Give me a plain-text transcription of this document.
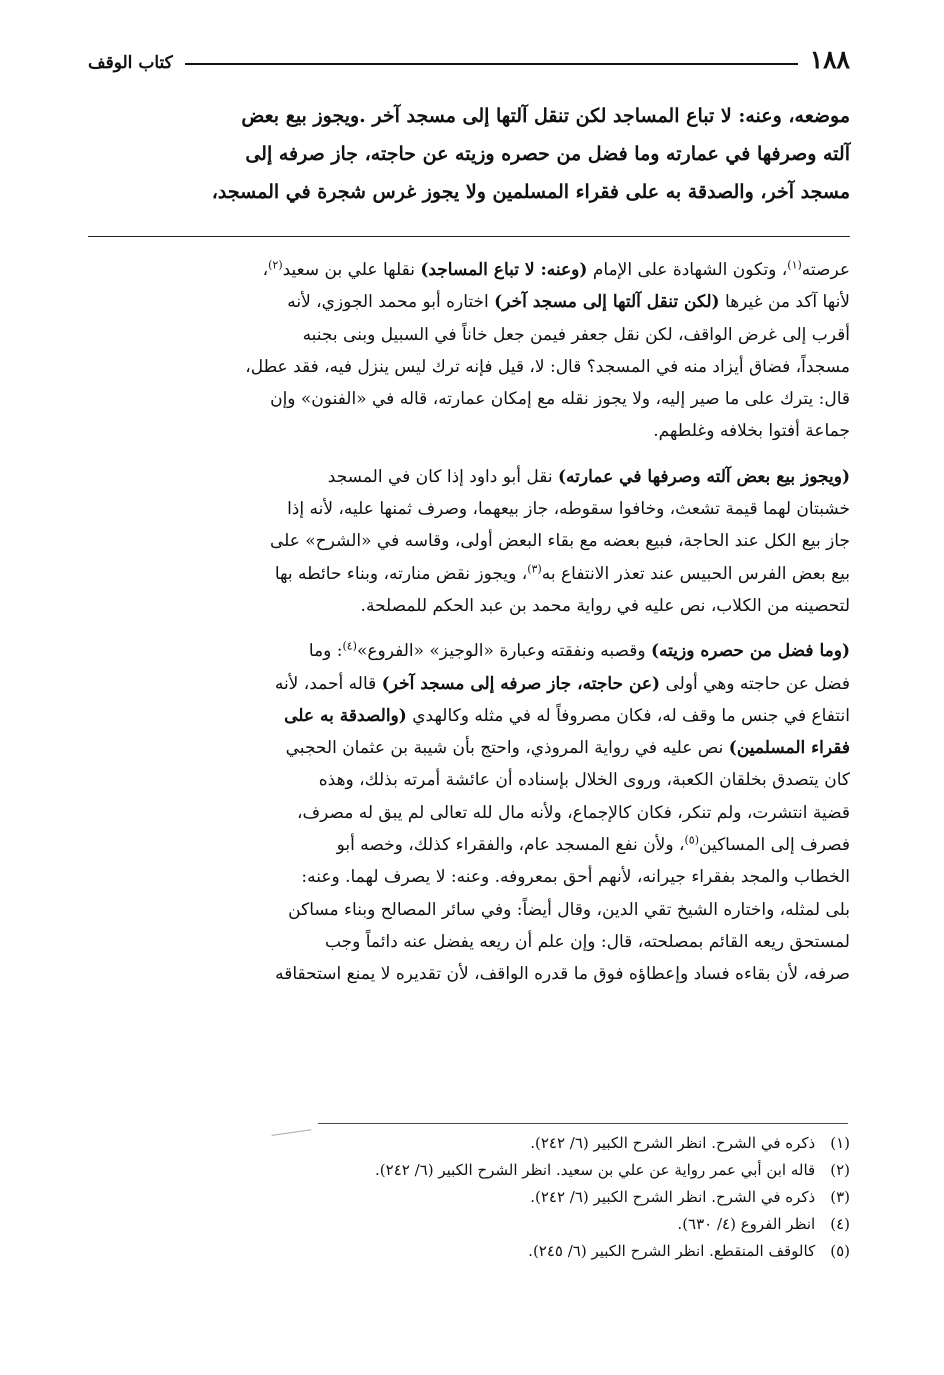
١٨٨
كتاب الوقف

موضعه، وعنه: لا تباع المساجد لكن تنقل آلتها إلى مسجد آخر .ويجوز بيع بعض

آلته وصرفها في عمارته وما فضل من حصره وزيته عن حاجته، جاز صرفه إلى

مسجد آخر، والصدقة به على فقراء المسلمين ولا يجوز غرس شجرة في المسجد،

عرصته$^{(١)}$، وتكون الشهادة على الإمام (وعنه: لا تباع المساجد) نقلها علي بن سعيد$^{(٢)}$،

لأنها آكد من غيرها (لكن تنقل آلتها إلى مسجد آخر) اختاره أبو محمد الجوزي، لأنه

أقرب إلى غرض الواقف، لكن نقل جعفر فيمن جعل خاناً في السبيل وبنى بجنبه

مسجداً، فضاق أيزاد منه في المسجد؟ قال: لا، قيل فإنه ترك ليس ينزل فيه، فقد عطل،

قال: يترك على ما صير إليه، ولا يجوز نقله مع إمكان عمارته، قاله في «الفنون» وإن

جماعة أفتوا بخلافه وغلطهم.

(ويجوز بيع بعض آلته وصرفها في عمارته) نقل أبو داود إذا كان في المسجد

خشبتان لهما قيمة تشعث، وخافوا سقوطه، جاز بيعهما، وصرف ثمنها عليه، لأنه إذا

جاز بيع الكل عند الحاجة، فبيع بعضه مع بقاء البعض أولى، وقاسه في «الشرح» على

بيع بعض الفرس الحبيس عند تعذر الانتفاع به$^{(٣)}$، ويجوز نقض منارته، وبناء حائطه بها

لتحصينه من الكلاب، نص عليه في رواية محمد بن عبد الحكم للمصلحة.

(وما فضل من حصره وزيته) وقصبه ونفقته وعبارة «الوجيز» «الفروع»$^{(٤)}$: وما

فضل عن حاجته وهي أولى (عن حاجته، جاز صرفه إلى مسجد آخر) قاله أحمد، لأنه

انتفاع في جنس ما وقف له، فكان مصروفاً له في مثله وكالهدي (والصدقة به على

فقراء المسلمين) نص عليه في رواية المروذي، واحتج بأن شيبة بن عثمان الحجبي

كان يتصدق بخلقان الكعبة، وروى الخلال بإسناده أن عائشة أمرته بذلك، وهذه

قضية انتشرت، ولم تنكر، فكان كالإجماع، ولأنه مال لله تعالى لم يبق له مصرف،

فصرف إلى المساكين$^{(٥)}$، ولأن نفع المسجد عام، والفقراء كذلك، وخصه أبو

الخطاب والمجد بفقراء جيرانه، لأنهم أحق بمعروفه. وعنه: لا يصرف لهما. وعنه:

بلى لمثله، واختاره الشيخ تقي الدين، وقال أيضاً: وفي سائر المصالح وبناء مساكن

لمستحق ريعه القائم بمصلحته، قال: وإن علم أن ريعه يفضل عنه دائماً وجب

صرفه، لأن بقاءه فساد وإعطاؤه فوق ما قدره الواقف، لأن تقديره لا يمنع استحقاقه

(١) ذكره في الشرح. انظر الشرح الكبير (٦/ ٢٤٢).

(٢) قاله ابن أبي عمر رواية عن علي بن سعيد. انظر الشرح الكبير (٦/ ٢٤٢).

(٣) ذكره في الشرح. انظر الشرح الكبير (٦/ ٢٤٢).

(٤) انظر الفروع (٤/ ٦٣٠).

(٥) كالوقف المنقطع. انظر الشرح الكبير (٦/ ٢٤٥).
